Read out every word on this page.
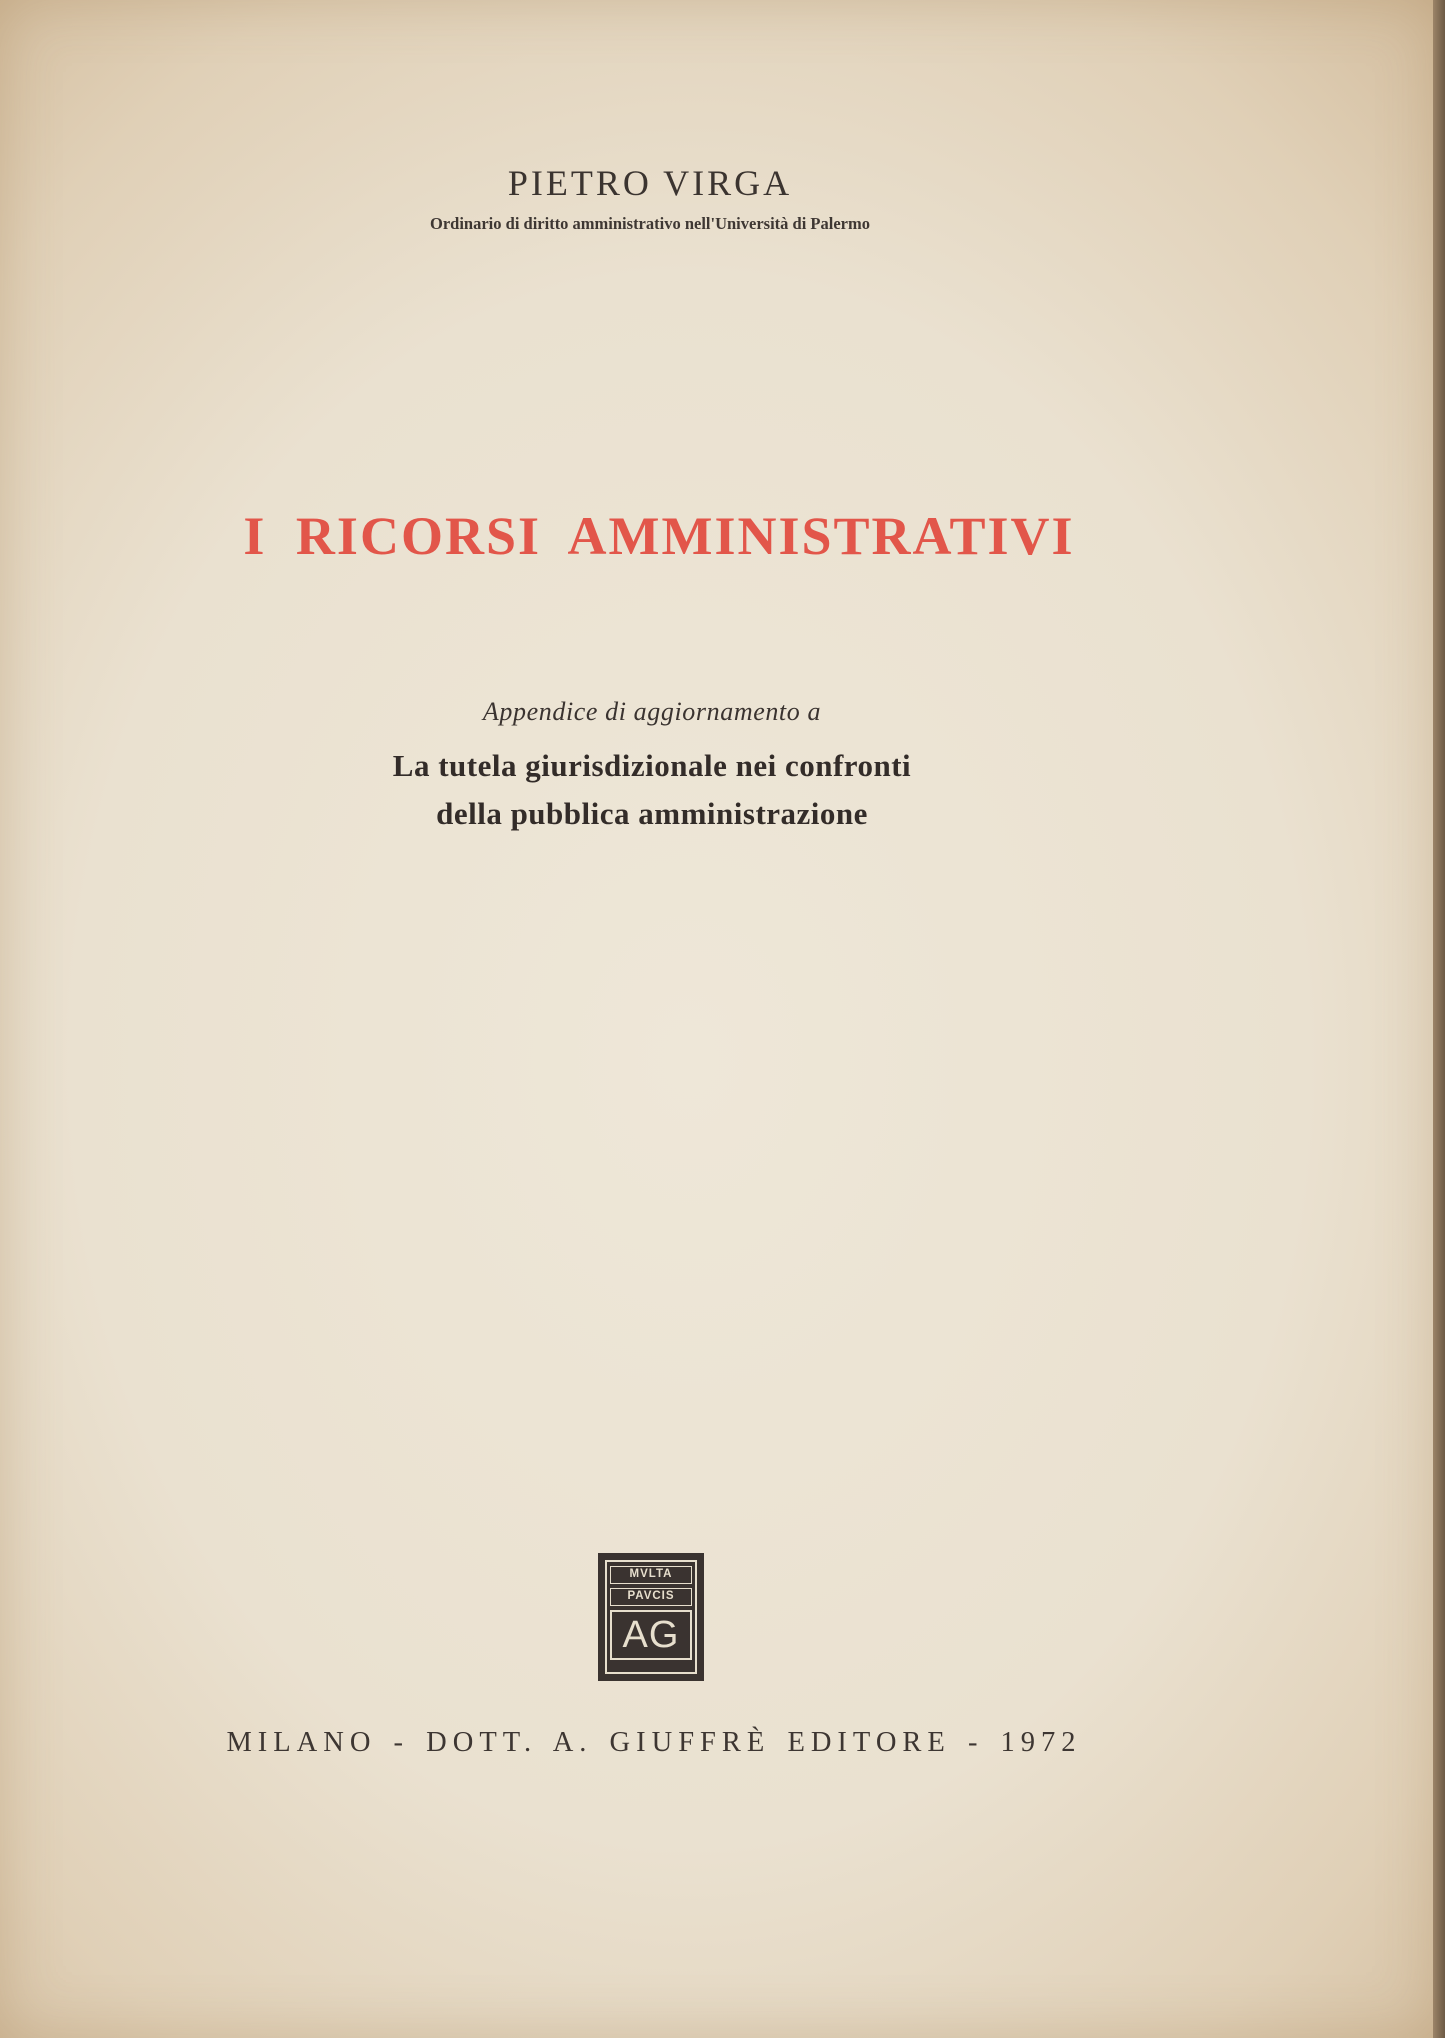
PIETRO VIRGA
Ordinario di diritto amministrativo nell'Università di Palermo
I RICORSI AMMINISTRATIVI
Appendice di aggiornamento a
La tutela giurisdizionale nei confronti
della pubblica amministrazione
MVLTA
PAVCIS
AG
MILANO - DOTT. A. GIUFFRÈ EDITORE - 1972
